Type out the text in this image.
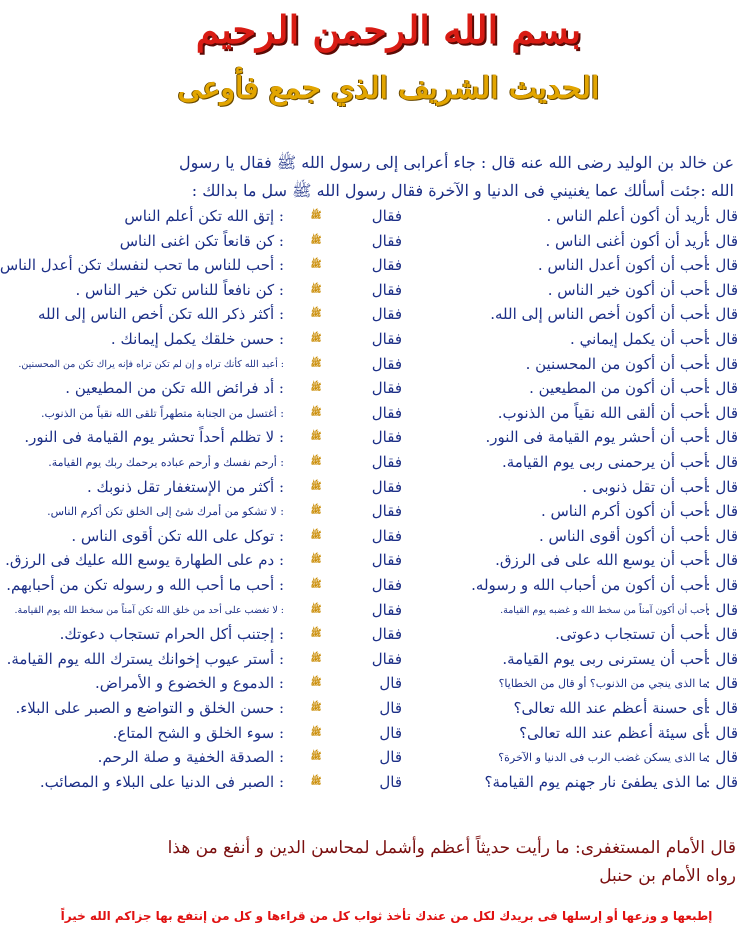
بسم الله الرحمن الرحيم
الحديث الشريف الذي جمع فأوعى
عن خالد بن الوليد رضى الله عنه قال : جاء أعرابى إلى رسول الله ﷺ فقال يا رسول
الله :جئت أسألك عما يغنيني فى الدنيا و الآخرة فقال رسول الله ﷺ سل ما بدالك :
قال :
أريد أن أكون أعلم الناس .
فقال
ﷺ
: إتق الله تكن أعلم الناس
قال :
أريد أن أكون أغنى الناس .
فقال
ﷺ
: كن قانعاً تكن اغنى الناس
قال :
أحب أن أكون أعدل الناس .
فقال
ﷺ
: أحب للناس ما تحب لنفسك تكن أعدل الناس
قال :
أحب أن أكون خير الناس .
فقال
ﷺ
: كن نافعاً للناس تكن خير الناس .
قال :
أحب أن أكون أخص الناس إلى الله.
فقال
ﷺ
: أكثر ذكر الله تكن أخص الناس إلى الله
قال :
أحب أن يكمل إيماني .
فقال
ﷺ
: حسن خلقك يكمل إيمانك .
قال :
أحب أن أكون من المحسنين .
فقال
ﷺ
: أعبد الله كأنك تراه و إن لم تكن تراه فإنه يراك تكن من المحسنين.
قال :
أحب أن أكون من المطيعين .
فقال
ﷺ
: أد فرائض الله تكن من المطيعين .
قال :
أحب أن ألقى الله نقياً من الذنوب.
فقال
ﷺ
: أغتسل من الجنابة متطهراً تلقى الله نقياً من الذنوب.
قال :
أحب أن أحشر يوم القيامة فى النور.
فقال
ﷺ
: لا تظلم أحداً تحشر يوم القيامة فى النور.
قال :
أحب أن يرحمنى ربى يوم القيامة.
فقال
ﷺ
: أرحم نفسك و أرحم عباده يرحمك ربك يوم القيامة.
قال :
أحب أن تقل ذنوبى .
فقال
ﷺ
: أكثر من الإستغفار تقل ذنوبك .
قال :
أحب أن أكون أكرم الناس .
فقال
ﷺ
: لا تشكو من أمرك شئ إلى الخلق تكن أكرم الناس.
قال :
أحب أن أكون أقوى الناس .
فقال
ﷺ
: توكل على الله تكن أقوى الناس .
قال :
أحب أن يوسع الله على فى الرزق.
فقال
ﷺ
: دم على الطهارة يوسع الله عليك فى الرزق.
قال :
أحب أن أكون من أحباب الله و رسوله.
فقال
ﷺ
: أحب ما أحب الله و رسوله تكن من أحبابهم.
قال :
أحب أن أكون آمناً من سخط الله و غضبه يوم القيامة.
فقال
ﷺ
: لا تغضب على أحد من خلق الله تكن آمناً من سخط الله يوم القيامة.
قال :
أحب أن تستجاب دعوتى.
فقال
ﷺ
: إجتنب أكل الحرام تستجاب دعوتك.
قال :
أحب أن يسترنى ربى يوم القيامة.
فقال
ﷺ
: أستر عيوب إخوانك يسترك الله يوم القيامة.
قال :
ما الذى ينجي من الذنوب؟ أو قال من الخطايا؟
قال
ﷺ
: الدموع و الخضوع و الأمراض.
قال :
أى حسنة أعظم عند الله تعالى؟
قال
ﷺ
: حسن الخلق و التواضع و الصبر على البلاء.
قال :
أى سيئة أعظم عند الله تعالى؟
قال
ﷺ
: سوء الخلق و الشح المتاع.
قال :
ما الذى يسكن غضب الرب فى الدنيا و الآخرة؟
قال
ﷺ
: الصدقة الخفية و صلة الرحم.
قال :
ما الذى يطفئ نار جهنم يوم القيامة؟
قال
ﷺ
: الصبر فى الدنيا على البلاء و المصائب.
قال الأمام المستغفرى: ما رأيت حديثاً أعظم وأشمل لمحاسن الدين و أنفع من هذا
رواه الأمام بن حنبل
إطبعها و وزعها أو إرسلها فى بريدك لكل من عندك تأخذ ثواب كل من قراءها و كل من إنتفع بها جزاكم الله خيراً
